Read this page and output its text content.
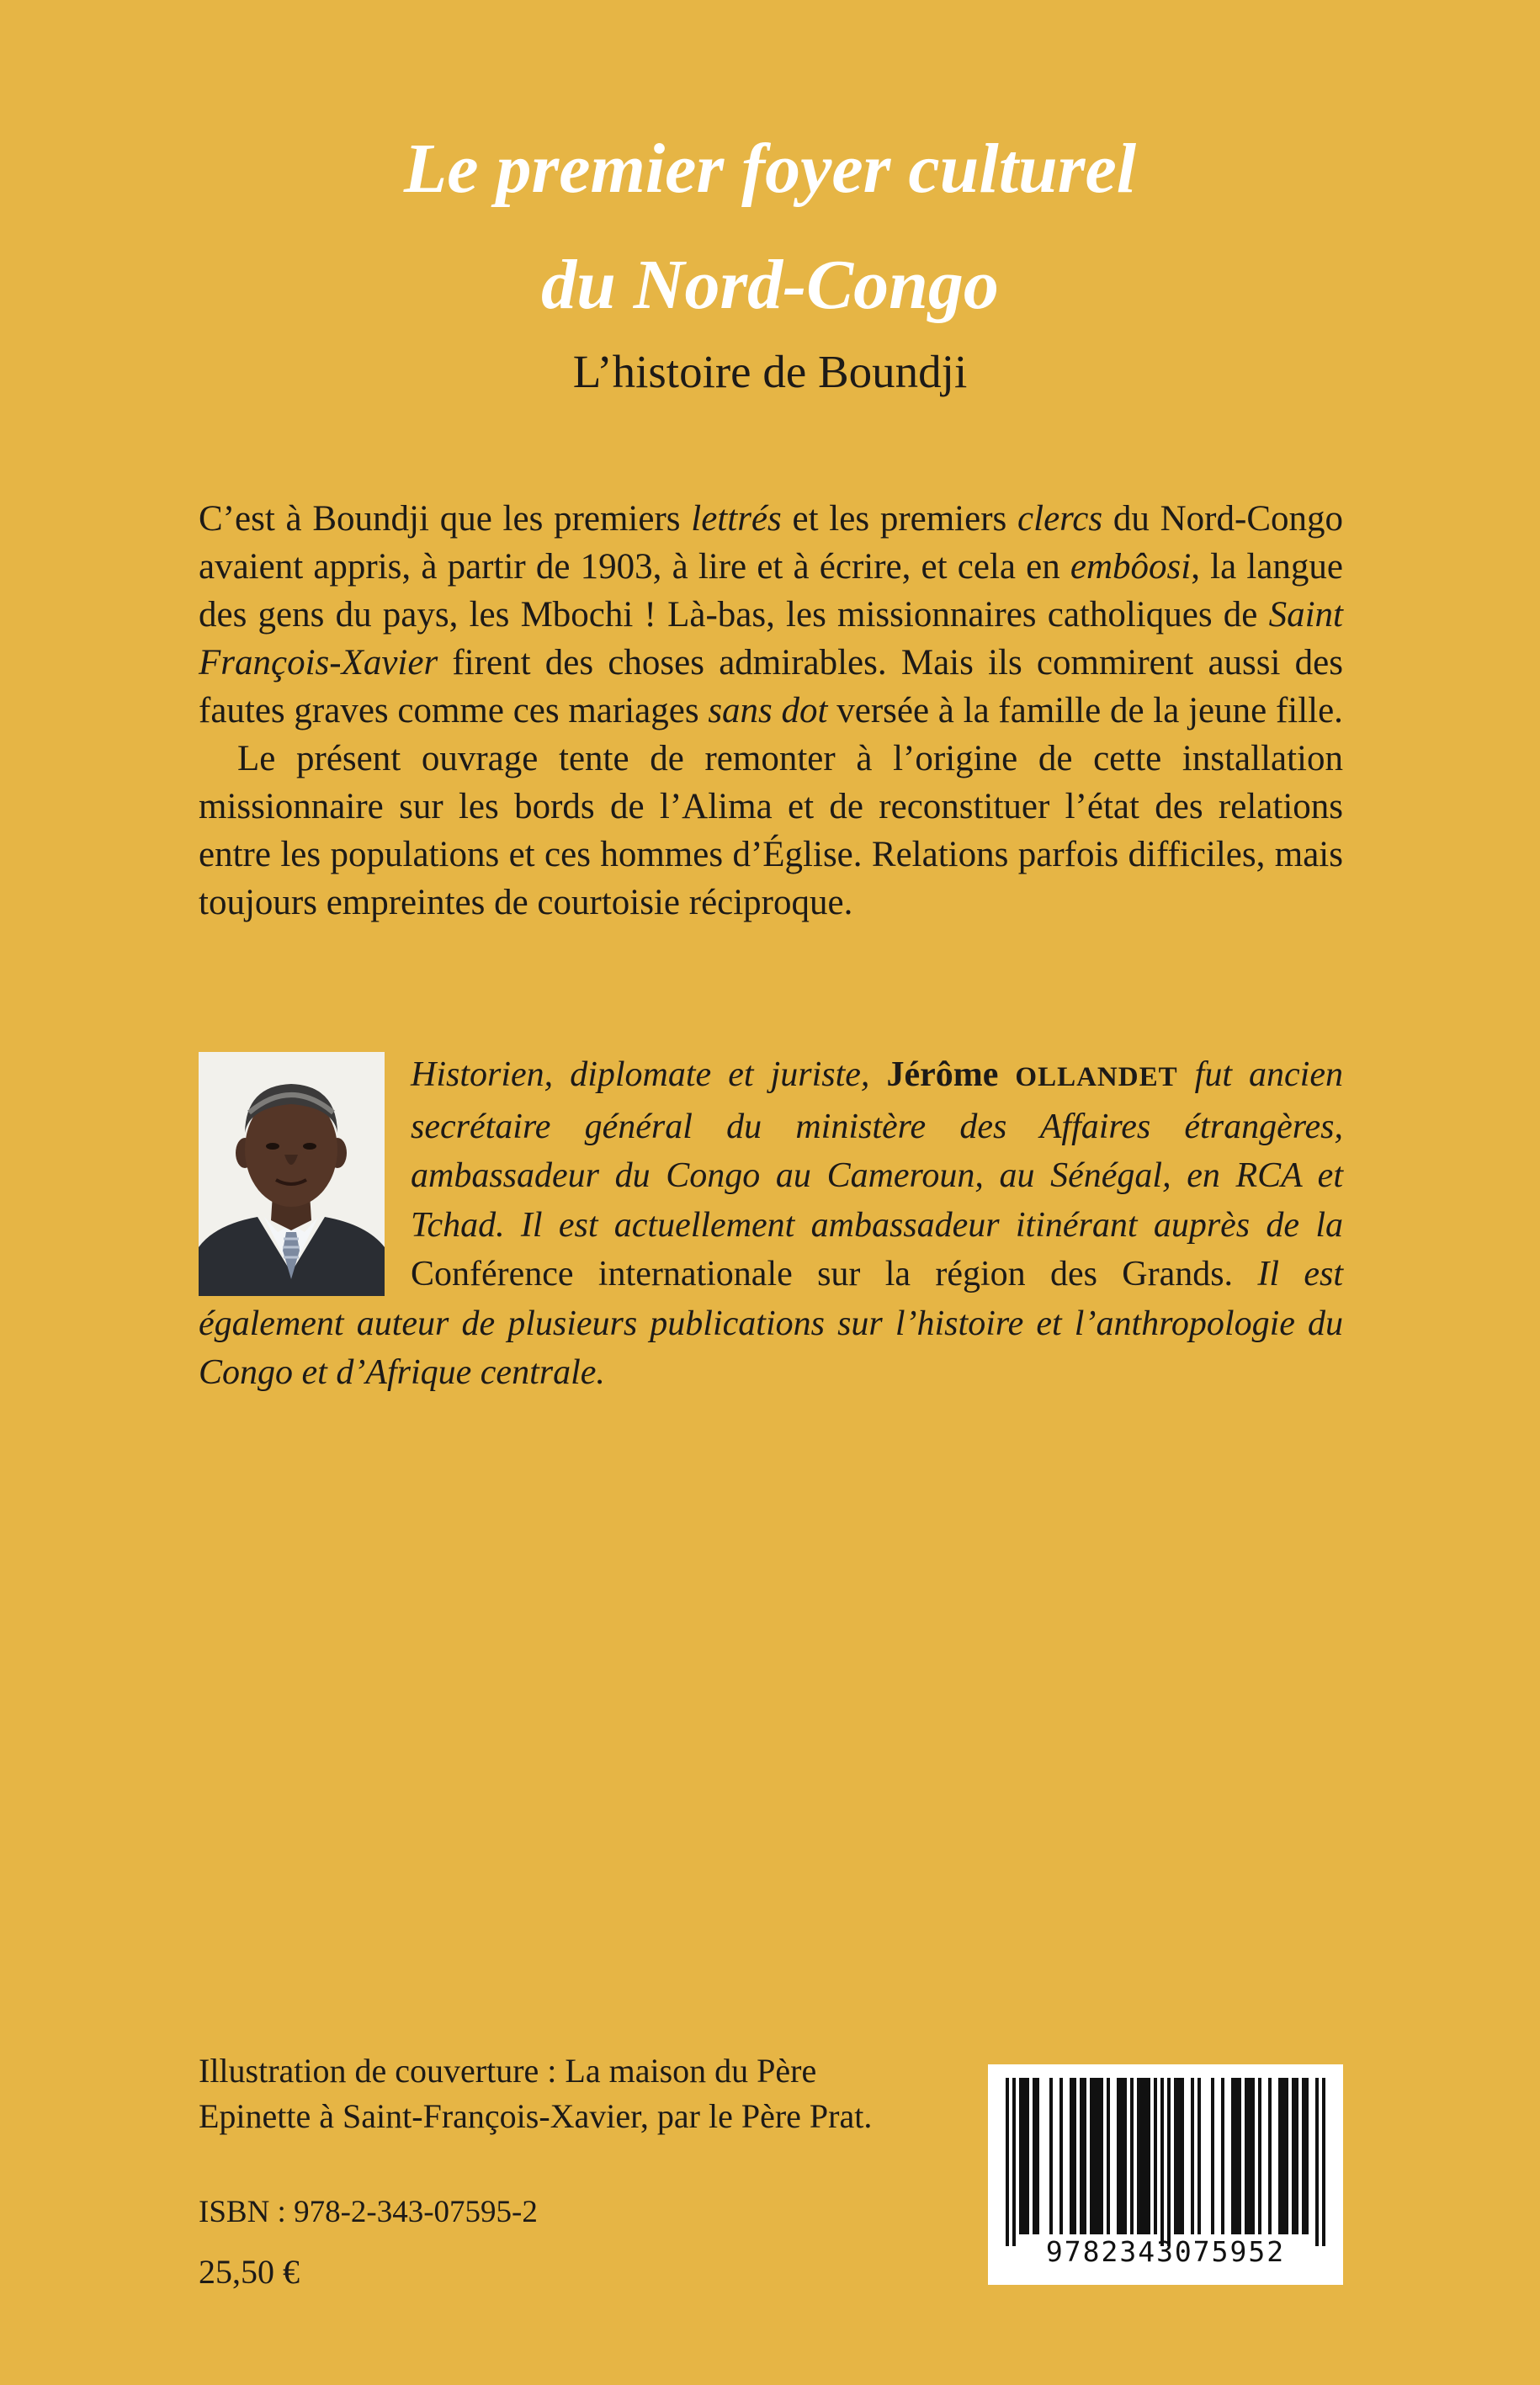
Le premier foyer culturel
du Nord-Congo
L’histoire de Boundji

C’est à Boundji que les premiers lettrés et les premiers clercs du Nord-Congo avaient appris, à partir de 1903, à lire et à écrire, et cela en embôosi, la langue des gens du pays, les Mbochi ! Là-bas, les missionnaires catholiques de Saint François-Xavier firent des choses admirables. Mais ils commirent aussi des fautes graves comme ces mariages sans dot versée à la famille de la jeune fille.

Le présent ouvrage tente de remonter à l’origine de cette installation missionnaire sur les bords de l’Alima et de reconstituer l’état des relations entre les populations et ces hommes d’Église. Relations parfois difficiles, mais toujours empreintes de courtoisie réciproque.

Historien, diplomate et juriste, Jérôme OLLANDET fut ancien secrétaire général du ministère des Affaires étrangères, ambassadeur du Congo au Cameroun, au Sénégal, en RCA et Tchad. Il est actuellement ambassadeur itinérant auprès de la Conférence internationale sur la région des Grands. Il est également auteur de plusieurs publications sur l’histoire et l’anthropologie du Congo et d’Afrique centrale.
Illustration de couverture : La maison du Père
Epinette à Saint-François-Xavier, par le Père Prat.
ISBN : 978-2-343-07595-2
25,50 €
9782343075952
